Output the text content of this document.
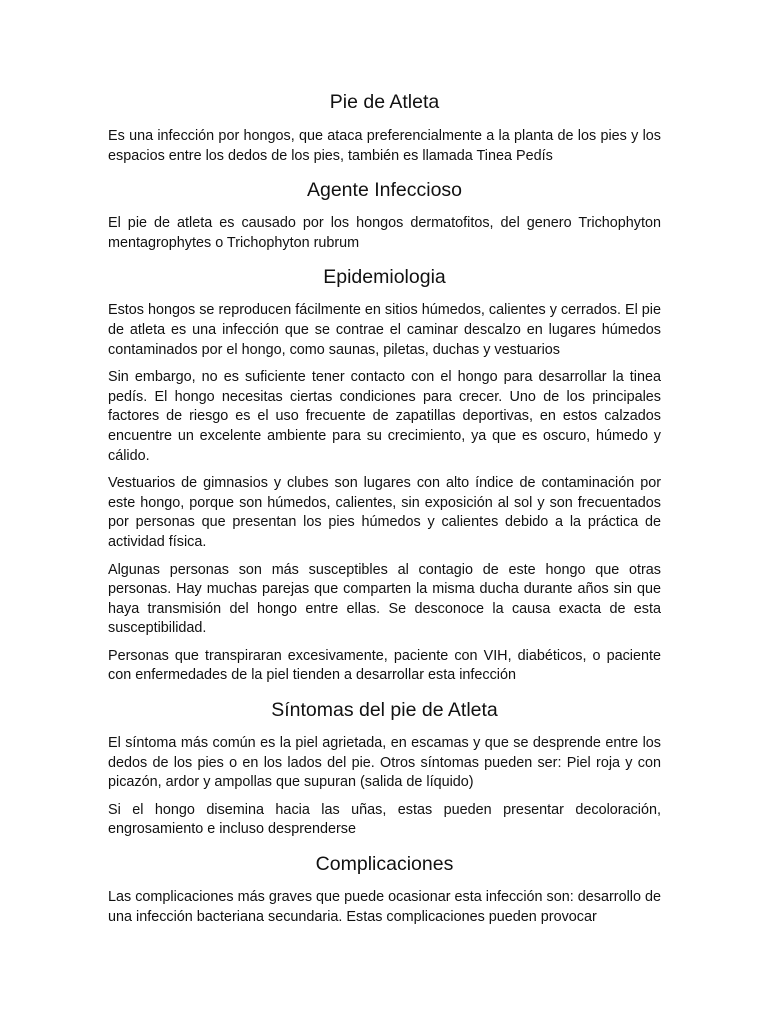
Pie de Atleta

Es una infección por hongos, que ataca preferencialmente a la planta de los pies y los espacios entre los dedos de los pies, también es llamada Tinea Pedís

Agente Infeccioso

El pie de atleta es causado por los hongos dermatofitos, del genero Trichophyton mentagrophytes o Trichophyton rubrum

Epidemiologia

Estos hongos se reproducen fácilmente en sitios húmedos, calientes y cerrados. El pie de atleta es una infección que se contrae el caminar descalzo en lugares húmedos contaminados por el hongo, como saunas, piletas, duchas y vestuarios

Sin embargo, no es suficiente tener contacto con el hongo para desarrollar la tinea pedís. El hongo necesitas ciertas condiciones para crecer. Uno de los principales factores de riesgo es el uso frecuente de zapatillas deportivas, en estos calzados encuentre un excelente ambiente para su crecimiento, ya que es oscuro, húmedo y cálido.

Vestuarios de gimnasios y clubes son lugares con alto índice de contaminación por este hongo, porque son húmedos, calientes, sin exposición al sol y son frecuentados por personas que presentan los pies húmedos y calientes debido a la práctica de actividad física.

Algunas personas son más susceptibles al contagio de este hongo que otras personas. Hay muchas parejas que comparten la misma ducha durante años sin que haya transmisión del hongo entre ellas. Se desconoce la causa exacta de esta susceptibilidad.

Personas que transpiraran excesivamente, paciente con VIH, diabéticos, o paciente con enfermedades de la piel tienden a desarrollar esta infección

Síntomas del pie de Atleta

El síntoma más común es la piel agrietada, en escamas y que se desprende entre los dedos de los pies o en los lados del pie. Otros síntomas pueden ser: Piel roja y con picazón, ardor y ampollas que supuran (salida de líquido)

Si el hongo disemina hacia las uñas, estas pueden presentar decoloración, engrosamiento e incluso desprenderse

Complicaciones

Las complicaciones más graves que puede ocasionar esta infección son: desarrollo de una infección bacteriana secundaria. Estas complicaciones pueden provocar
